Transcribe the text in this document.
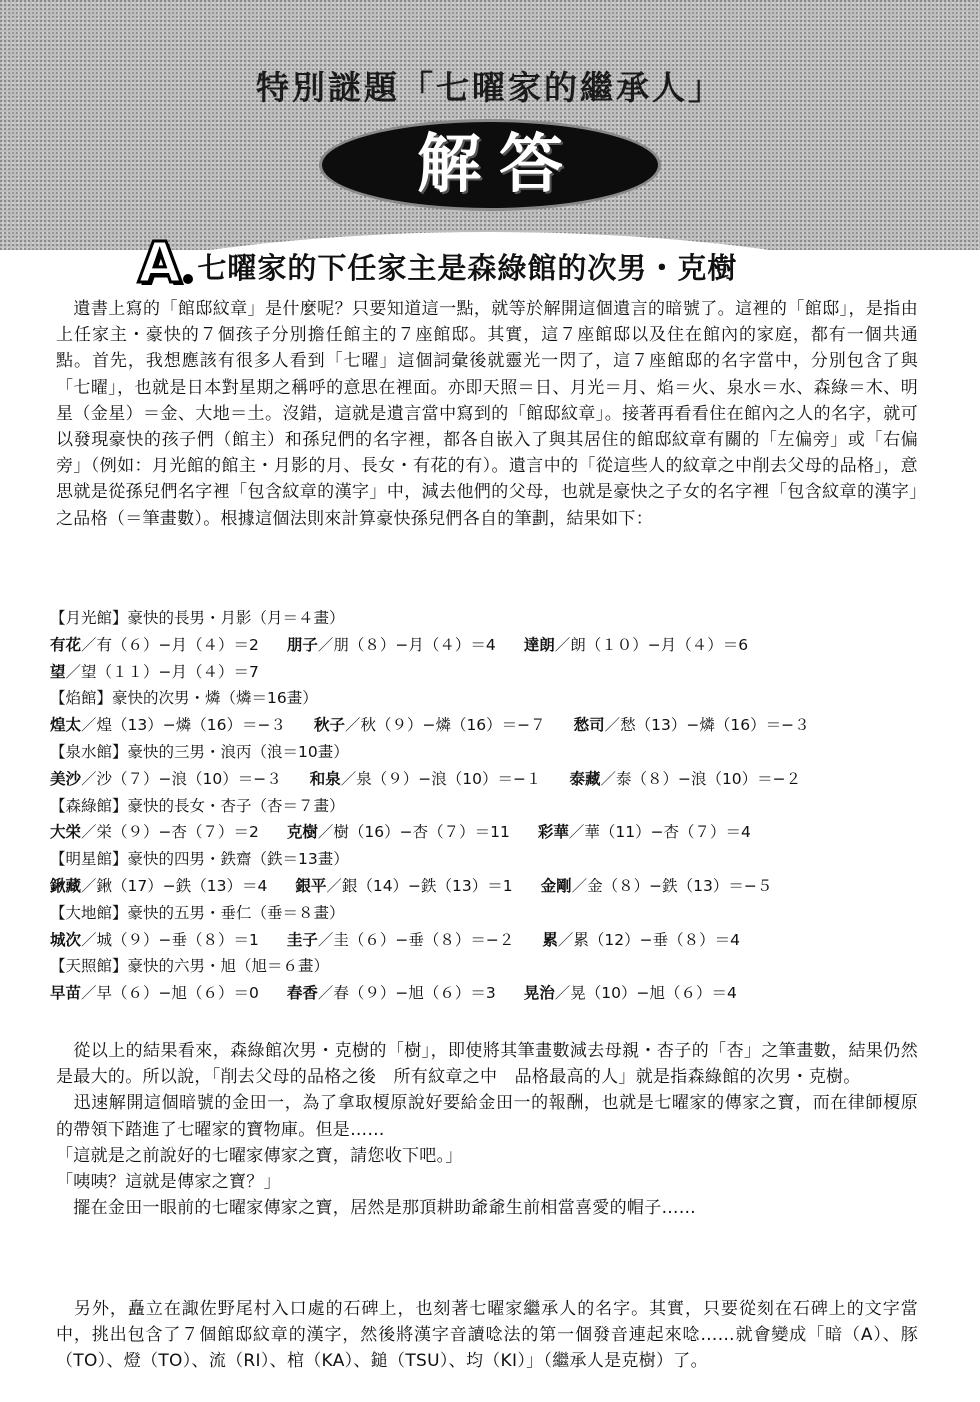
特別謎題「七曜家的繼承人」
解答
A 七曜家的下任家主是森綠館的次男・克樹

　遺書上寫的「館邸紋章」是什麼呢？只要知道這一點，就等於解開這個遺言的暗號了。這裡的「館邸」，是指由上任家主・豪快的７個孩子分別擔任館主的７座館邸。其實，這７座館邸以及住在館內的家庭，都有一個共通點。首先，我想應該有很多人看到「七曜」這個詞彙後就靈光一閃了，這７座館邸的名字當中，分別包含了與「七曜」，也就是日本對星期之稱呼的意思在裡面。亦即天照＝日、月光＝月、焰＝火、泉水＝水、森綠＝木、明星（金星）＝金、大地＝土。沒錯，這就是遺言當中寫到的「館邸紋章」。接著再看看住在館內之人的名字，就可以發現豪快的孩子們（館主）和孫兒們的名字裡，都各自嵌入了與其居住的館邸紋章有關的「左偏旁」或「右偏旁」（例如：月光館的館主・月影的月、長女・有花的有）。遺言中的「從這些人的紋章之中削去父母的品格」，意思就是從孫兒們名字裡「包含紋章的漢字」中，減去他們的父母，也就是豪快之子女的名字裡「包含紋章的漢字」之品格（＝筆畫數）。根據這個法則來計算豪快孫兒們各自的筆劃，結果如下：

【月光館】豪快的長男・月影（月＝４畫）
有花／有（６）−月（４）＝2 朋子／朋（８）−月（４）＝4 達朗／朗（１０）−月（４）＝6
望／望（１１）−月（４）＝7
【焰館】豪快的次男・燐（燐＝16畫）
煌太／煌（13）−燐（16）＝−３ 秋子／秋（９）−燐（16）＝−７ 愁司／愁（13）−燐（16）＝−３
【泉水館】豪快的三男・浪丙（浪＝10畫）
美沙／沙（７）−浪（10）＝−３ 和泉／泉（９）−浪（10）＝−１ 泰藏／泰（８）−浪（10）＝−２
【森綠館】豪快的長女・杏子（杏＝７畫）
大栄／栄（９）−杏（７）＝2 克樹／樹（16）−杏（７）＝11 彩華／華（11）−杏（７）＝4
【明星館】豪快的四男・鉄齋（鉄＝13畫）
鍬藏／鍬（17）−鉄（13）＝4 銀平／銀（14）−鉄（13）＝1 金剛／金（８）−鉄（13）＝−５
【大地館】豪快的五男・垂仁（垂＝８畫）
城次／城（９）−垂（８）＝1 圭子／圭（６）−垂（８）＝−２ 累／累（12）−垂（８）＝4
【天照館】豪快的六男・旭（旭＝６畫）
早苗／早（６）−旭（６）＝0 春香／春（９）−旭（６）＝3 晃治／晃（10）−旭（６）＝4

　從以上的結果看來，森綠館次男・克樹的「樹」，即使將其筆畫數減去母親・杏子的「杏」之筆畫數，結果仍然是最大的。所以說，「削去父母的品格之後　所有紋章之中　品格最高的人」就是指森綠館的次男・克樹。
　迅速解開這個暗號的金田一，為了拿取榎原說好要給金田一的報酬，也就是七曜家的傳家之寶，而在律師榎原的帶領下踏進了七曜家的寶物庫。但是……
「這就是之前說好的七曜家傳家之寶，請您收下吧。」
「咦咦？這就是傳家之寶？」
　擺在金田一眼前的七曜家傳家之寶，居然是那頂耕助爺爺生前相當喜愛的帽子……

　另外，矗立在諏佐野尾村入口處的石碑上，也刻著七曜家繼承人的名字。其實，只要從刻在石碑上的文字當中，挑出包含了７個館邸紋章的漢字，然後將漢字音讀唸法的第一個發音連起來唸……就會變成「暗（A）、豚（TO）、燈（TO）、流（RI）、棺（KA）、鎚（TSU）、均（KI）」（繼承人是克樹）了。
